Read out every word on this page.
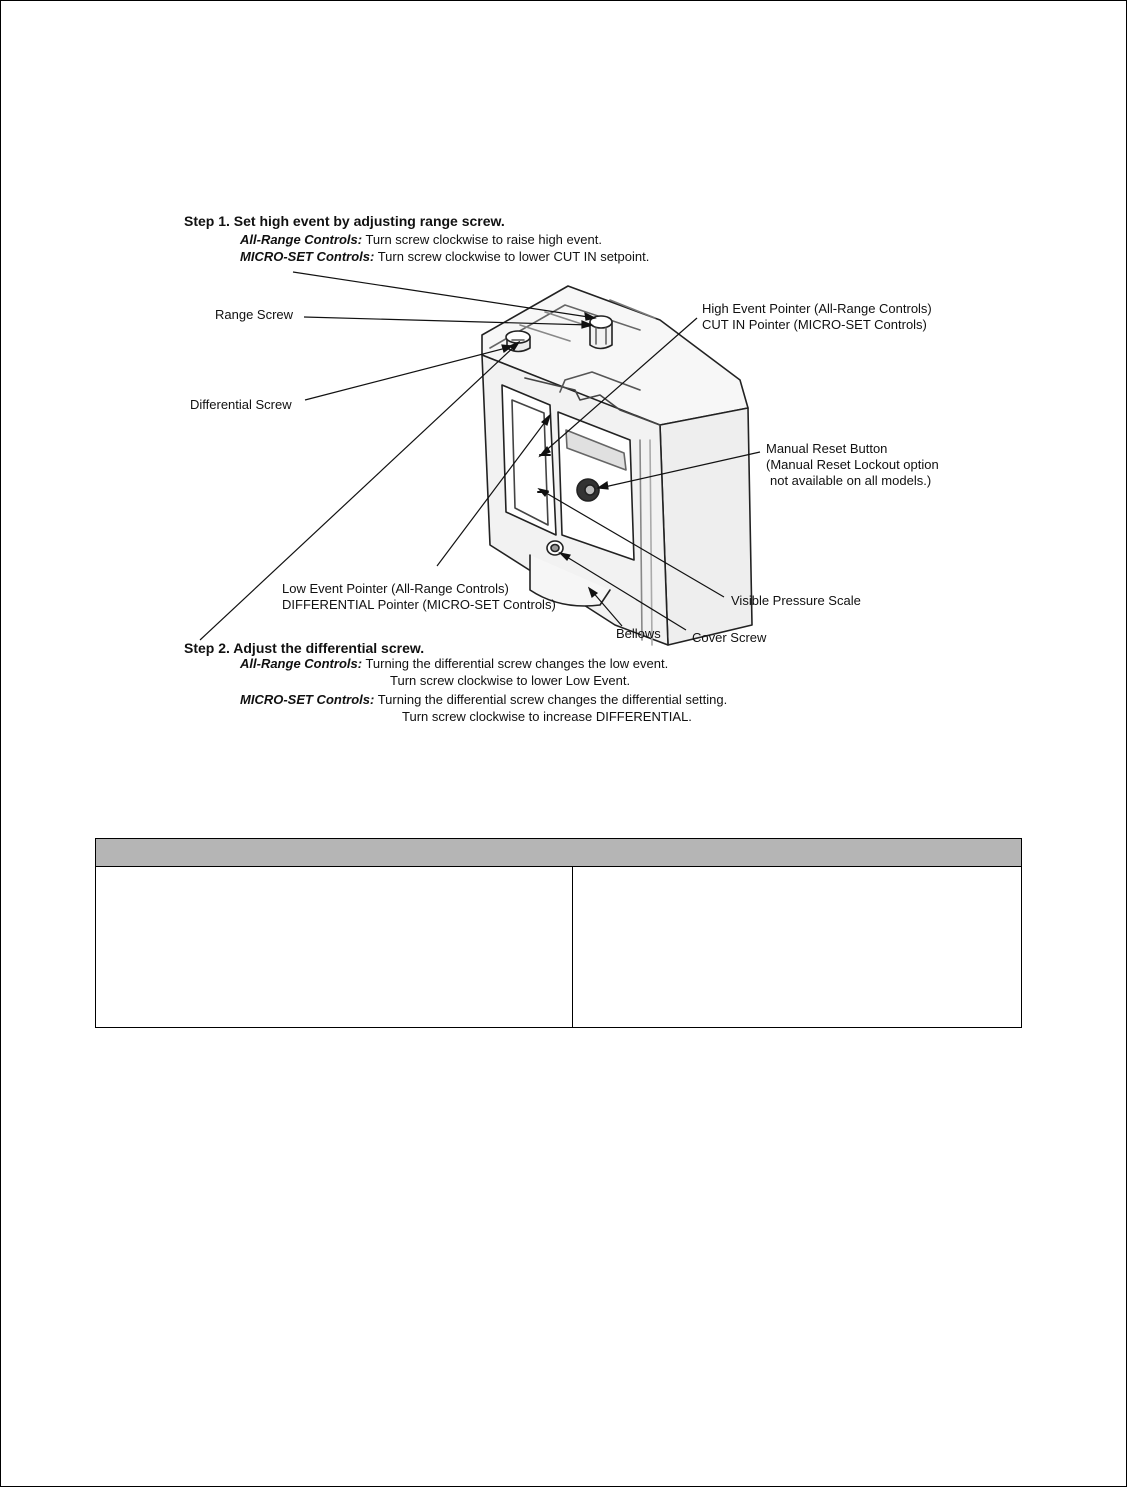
Step 1. Set high event by adjusting range screw.
All-Range Controls: Turn screw clockwise to raise high event.
MICRO-SET Controls: Turn screw clockwise to lower CUT IN setpoint.
Range Screw
Differential Screw
High Event Pointer (All-Range Controls)
CUT IN Pointer (MICRO-SET Controls)
Manual Reset Button
(Manual Reset Lockout option
not available on all models.)
Low Event Pointer (All-Range Controls)
DIFFERENTIAL Pointer (MICRO-SET Controls)	Visible Pressure Scale
Bellows Cover Screw
Step 2. Adjust the differential screw.
All-Range Controls: Turning the differential screw changes the low event.
Turn screw clockwise to lower Low Event.
MICRO-SET Controls: Turning the differential screw changes the differential setting.
Turn screw clockwise to increase DIFFERENTIAL.
